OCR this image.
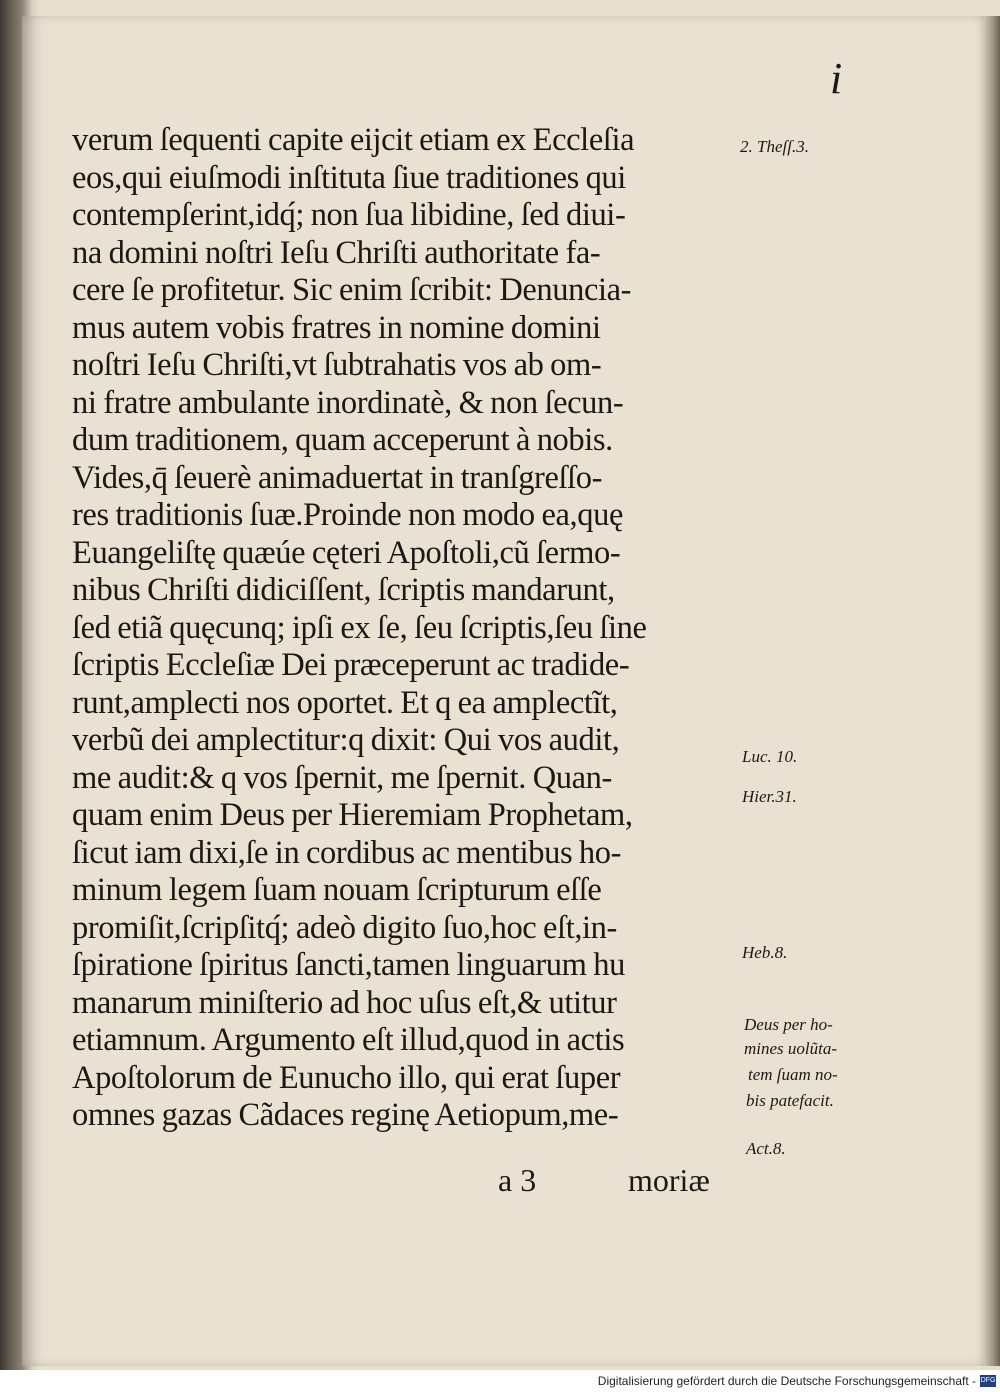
i
verum ſequenti capite eijcit etiam ex Eccleſia
eos,qui eiuſmodi inſtituta ſiue traditiones qui
contempſerint,idq́; non ſua libidine, ſed diui-
na domini noſtri Ieſu Chriſti authoritate fa-
cere ſe profitetur. Sic enim ſcribit: Denuncia-
mus autem vobis fratres in nomine domini
noſtri Ieſu Chriſti,vt ſubtrahatis vos ab om-
ni fratre ambulante inordinatè, & non ſecun-
dum traditionem, quam acceperunt à nobis.
Vides,q̄ ſeuerè animaduertat in tranſgreſſo-
res traditionis ſuæ.Proinde non modo ea,quę
Euangeliſtę quæúe cęteri Apoſtoli,cũ ſermo-
nibus Chriſti didiciſſent, ſcriptis mandarunt,
ſed etiã quęcunq; ipſi ex ſe, ſeu ſcriptis,ſeu ſine
ſcriptis Eccleſiæ Dei præceperunt ac tradide-
runt,amplecti nos oportet. Et q ea amplectĩt,
verbũ dei amplectitur:q dixit: Qui vos audit,
me audit:& q vos ſpernit, me ſpernit. Quan-
quam enim Deus per Hieremiam Prophetam,
ſicut iam dixi,ſe in cordibus ac mentibus ho-
minum legem ſuam nouam ſcripturum eſſe
promiſit,ſcripſitq́; adeò digito ſuo,hoc eſt,in-
ſpiratione ſpiritus ſancti,tamen linguarum hu
manarum miniſterio ad hoc uſus eſt,& utitur
etiamnum. Argumento eſt illud,quod in actis
Apoſtolorum de Eunucho illo, qui erat ſuper
omnes gazas Cãdaces reginę Aetiopum,me-
a 3	moriæ
2. Theſſ.3.
Luc. 10.
Hier.31.
Heb.8.
Deus per ho-
mines uolũta-
tem ſuam no-
bis patefacit.
Act.8.
Digitalisierung gefördert durch die Deutsche Forschungsgemeinschaft - DFG
